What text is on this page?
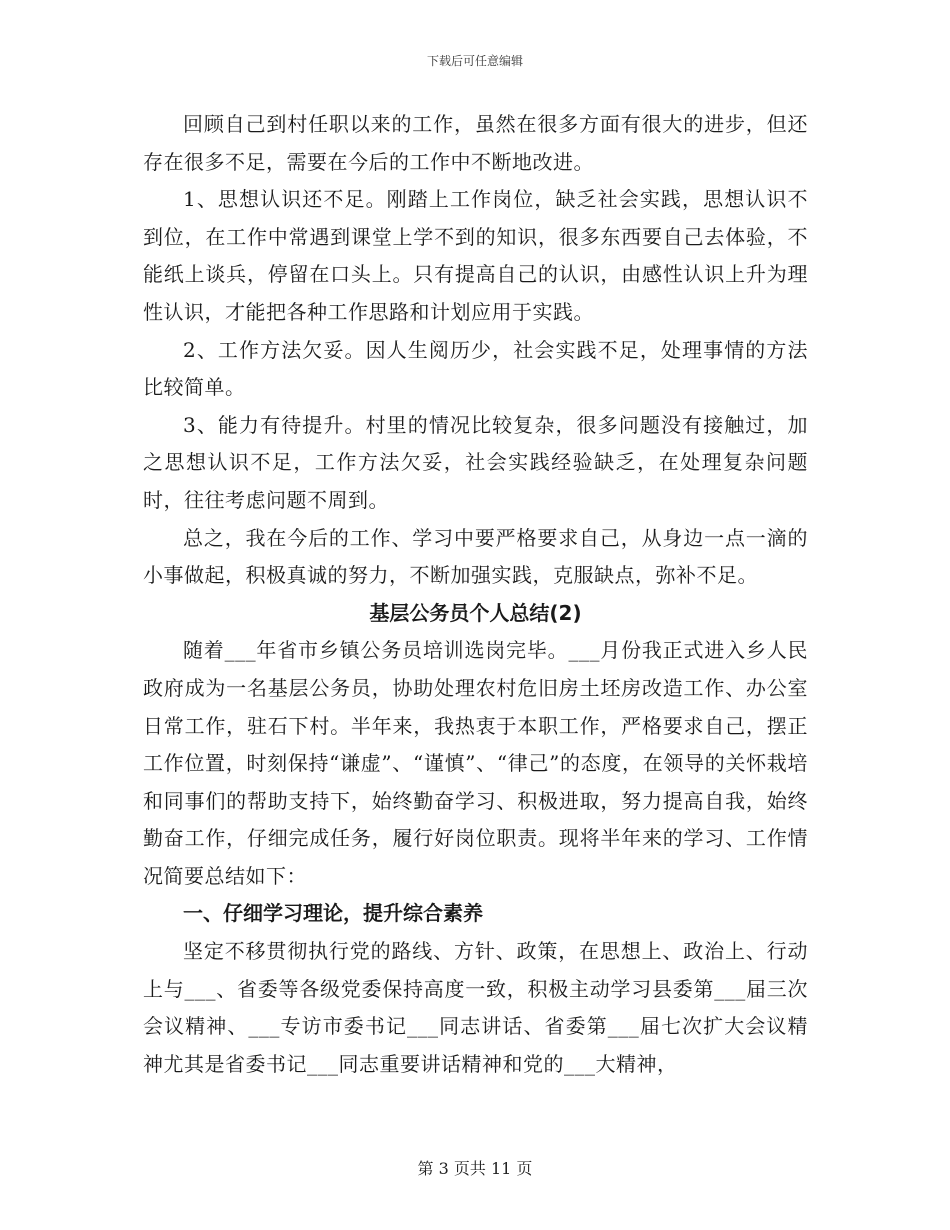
下载后可任意编辑

回顾自己到村任职以来的工作，虽然在很多方面有很大的进步，但还存在很多不足，需要在今后的工作中不断地改进。

1、思想认识还不足。刚踏上工作岗位，缺乏社会实践，思想认识不到位，在工作中常遇到课堂上学不到的知识，很多东西要自己去体验，不能纸上谈兵，停留在口头上。只有提高自己的认识，由感性认识上升为理性认识，才能把各种工作思路和计划应用于实践。

2、工作方法欠妥。因人生阅历少，社会实践不足，处理事情的方法比较简单。

3、能力有待提升。村里的情况比较复杂，很多问题没有接触过，加之思想认识不足，工作方法欠妥，社会实践经验缺乏，在处理复杂问题时，往往考虑问题不周到。

总之，我在今后的工作、学习中要严格要求自己，从身边一点一滴的小事做起，积极真诚的努力，不断加强实践，克服缺点，弥补不足。

基层公务员个人总结(2)

随着___年省市乡镇公务员培训选岗完毕。___月份我正式进入乡人民政府成为一名基层公务员，协助处理农村危旧房土坯房改造工作、办公室日常工作，驻石下村。半年来，我热衷于本职工作，严格要求自己，摆正工作位置，时刻保持“谦虚”、“谨慎”、“律己”的态度，在领导的关怀栽培和同事们的帮助支持下，始终勤奋学习、积极进取，努力提高自我，始终勤奋工作，仔细完成任务，履行好岗位职责。现将半年来的学习、工作情况简要总结如下：

一、仔细学习理论，提升综合素养

坚定不移贯彻执行党的路线、方针、政策，在思想上、政治上、行动上与___、省委等各级党委保持高度一致，积极主动学习县委第___届三次会议精神、___专访市委书记___同志讲话、省委第___届七次扩大会议精神尤其是省委书记___同志重要讲话精神和党的___大精神，

第 3 页共 11 页
